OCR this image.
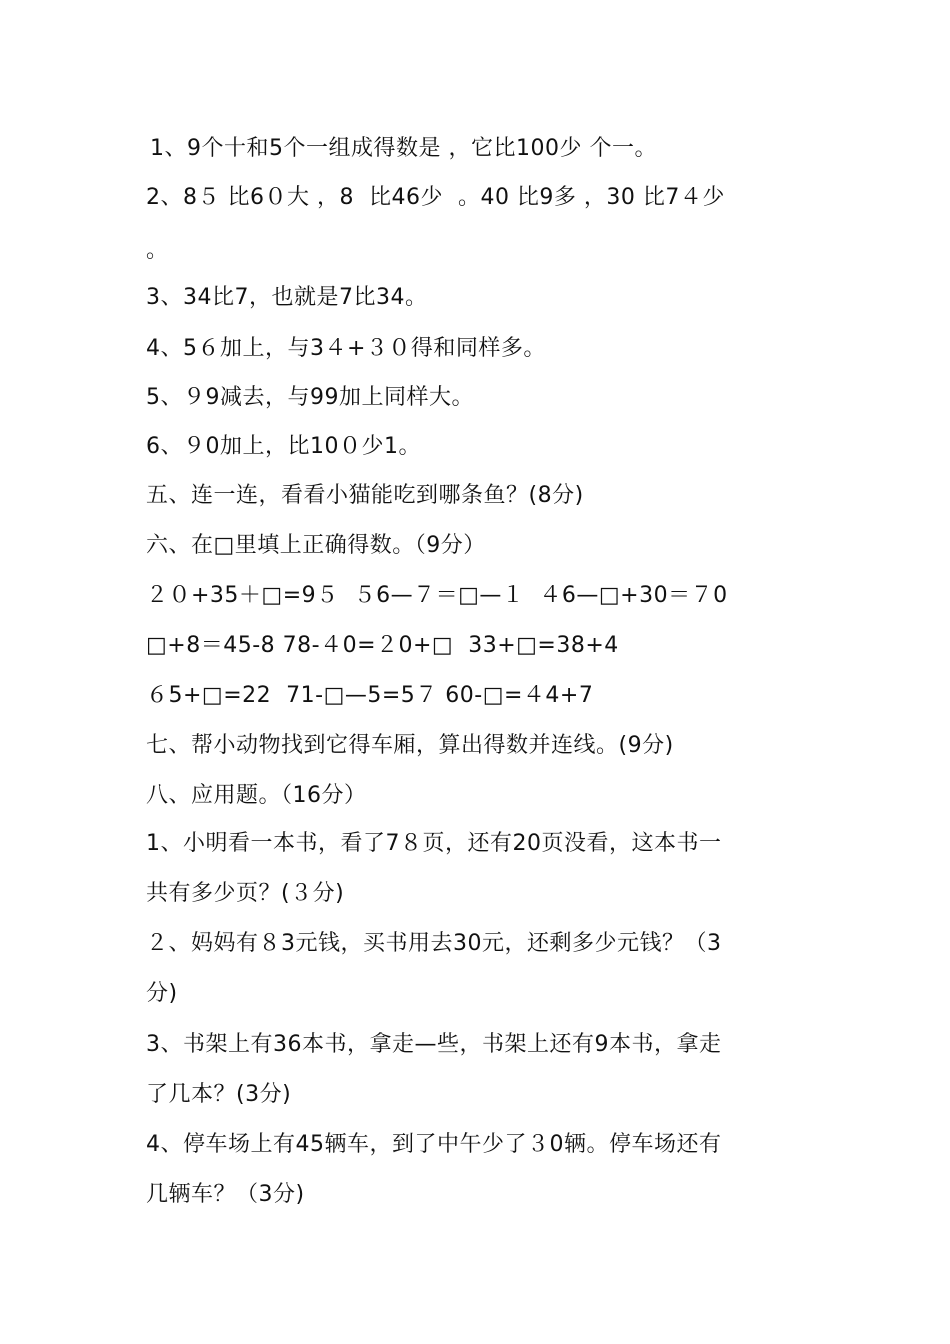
1、9个十和5个一组成得数是 ，它比100少 个一。
2、8５ 比6０大 ，8  比46少  。40 比9多 ，30 比7４少
。
3、34比7，也就是7比34。
4、5６加上，与3４+３０得和同样多。
5、９9减去，与99加上同样大。
6、９0加上，比10０少1。
五、连一连，看看小猫能吃到哪条鱼？(8分)
六、在□里填上正确得数。（9分）
２０+35＋□=9５  ５6—７＝□—１  ４6—□+30＝７0
□+8＝45-8 78-４0=２0+□  33+□=38+4
６5+□=22  71-□—5=5７ 60-□=４4+7
七、帮小动物找到它得车厢，算出得数并连线。(9分)
八、应用题。（16分）
1、小明看一本书，看了7８页，还有20页没看，这本书一
共有多少页？(３分)
２、妈妈有８3元钱，买书用去30元，还剩多少元钱？（3
分)
3、书架上有36本书，拿走—些，书架上还有9本书，拿走
了几本？(3分)
4、停车场上有45辆车，到了中午少了３0辆。停车场还有
几辆车？（3分)
